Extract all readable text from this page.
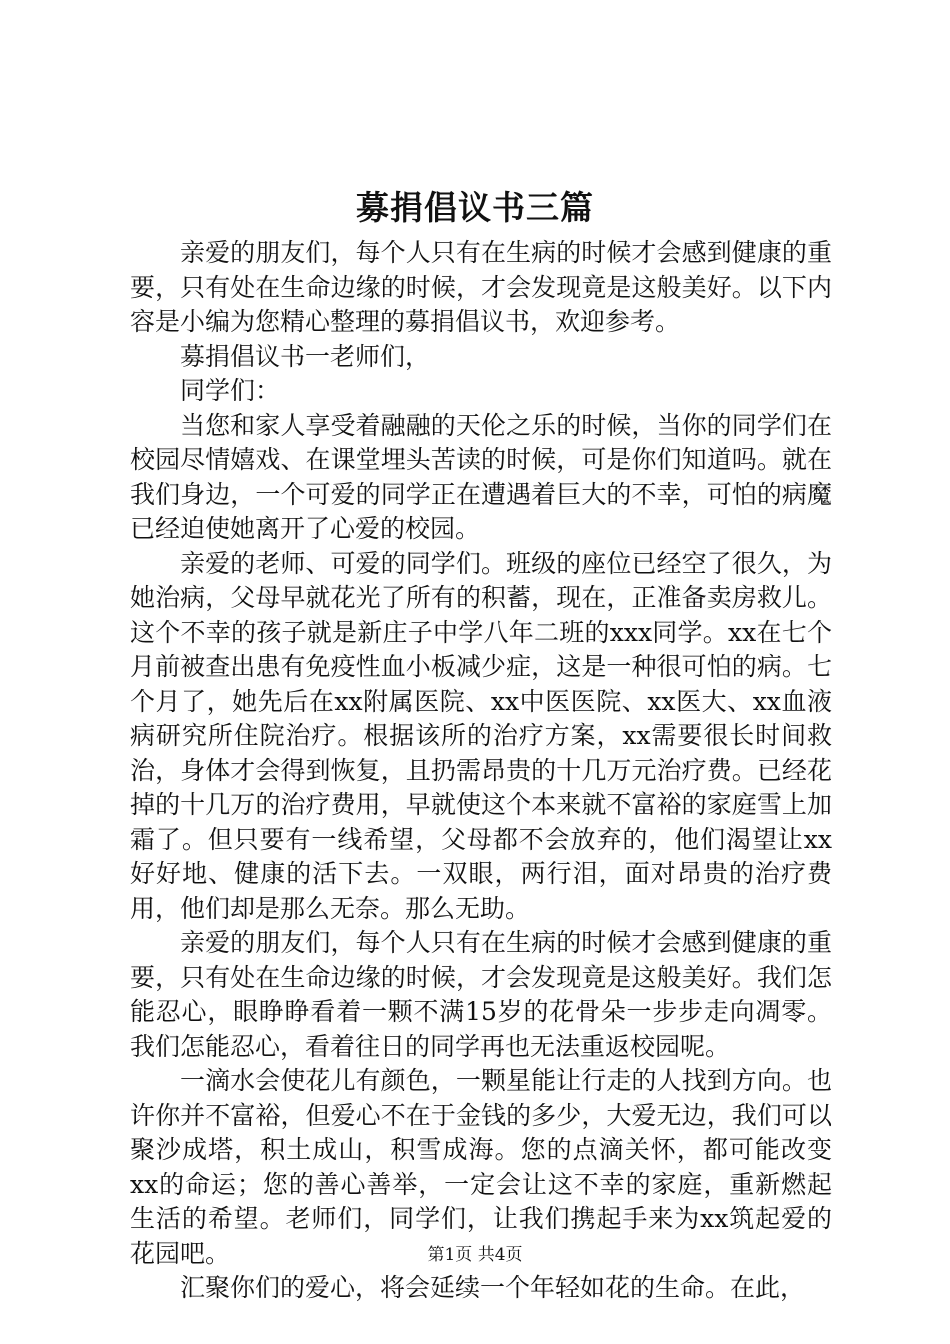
募捐倡议书三篇

亲爱的朋友们，每个人只有在生病的时候才会感到健康的重要，只有处在生命边缘的时候，才会发现竟是这般美好。以下内容是小编为您精心整理的募捐倡议书，欢迎参考。

募捐倡议书一老师们，

同学们：

当您和家人享受着融融的天伦之乐的时候，当你的同学们在校园尽情嬉戏、在课堂埋头苦读的时候，可是你们知道吗。就在我们身边，一个可爱的同学正在遭遇着巨大的不幸，可怕的病魔已经迫使她离开了心爱的校园。

亲爱的老师、可爱的同学们。班级的座位已经空了很久，为她治病，父母早就花光了所有的积蓄，现在，正准备卖房救儿。这个不幸的孩子就是新庄子中学八年二班的xxx同学。xx在七个月前被查出患有免疫性血小板减少症，这是一种很可怕的病。七个月了，她先后在xx附属医院、xx中医医院、xx医大、xx血液病研究所住院治疗。根据该所的治疗方案，xx需要很长时间救治，身体才会得到恢复，且扔需昂贵的十几万元治疗费。已经花掉的十几万的治疗费用，早就使这个本来就不富裕的家庭雪上加霜了。但只要有一线希望，父母都不会放弃的，他们渴望让xx好好地、健康的活下去。一双眼，两行泪，面对昂贵的治疗费用，他们却是那么无奈。那么无助。

亲爱的朋友们，每个人只有在生病的时候才会感到健康的重要，只有处在生命边缘的时候，才会发现竟是这般美好。我们怎能忍心，眼睁睁看着一颗不满15岁的花骨朵一步步走向凋零。我们怎能忍心，看着往日的同学再也无法重返校园呢。

一滴水会使花儿有颜色，一颗星能让行走的人找到方向。也许你并不富裕，但爱心不在于金钱的多少，大爱无边，我们可以聚沙成塔，积土成山，积雪成海。您的点滴关怀，都可能改变xx的命运；您的善心善举，一定会让这不幸的家庭，重新燃起生活的希望。老师们，同学们，让我们携起手来为xx筑起爱的花园吧。

汇聚你们的爱心，将会延续一个年轻如花的生命。在此，

第1页 共4页
